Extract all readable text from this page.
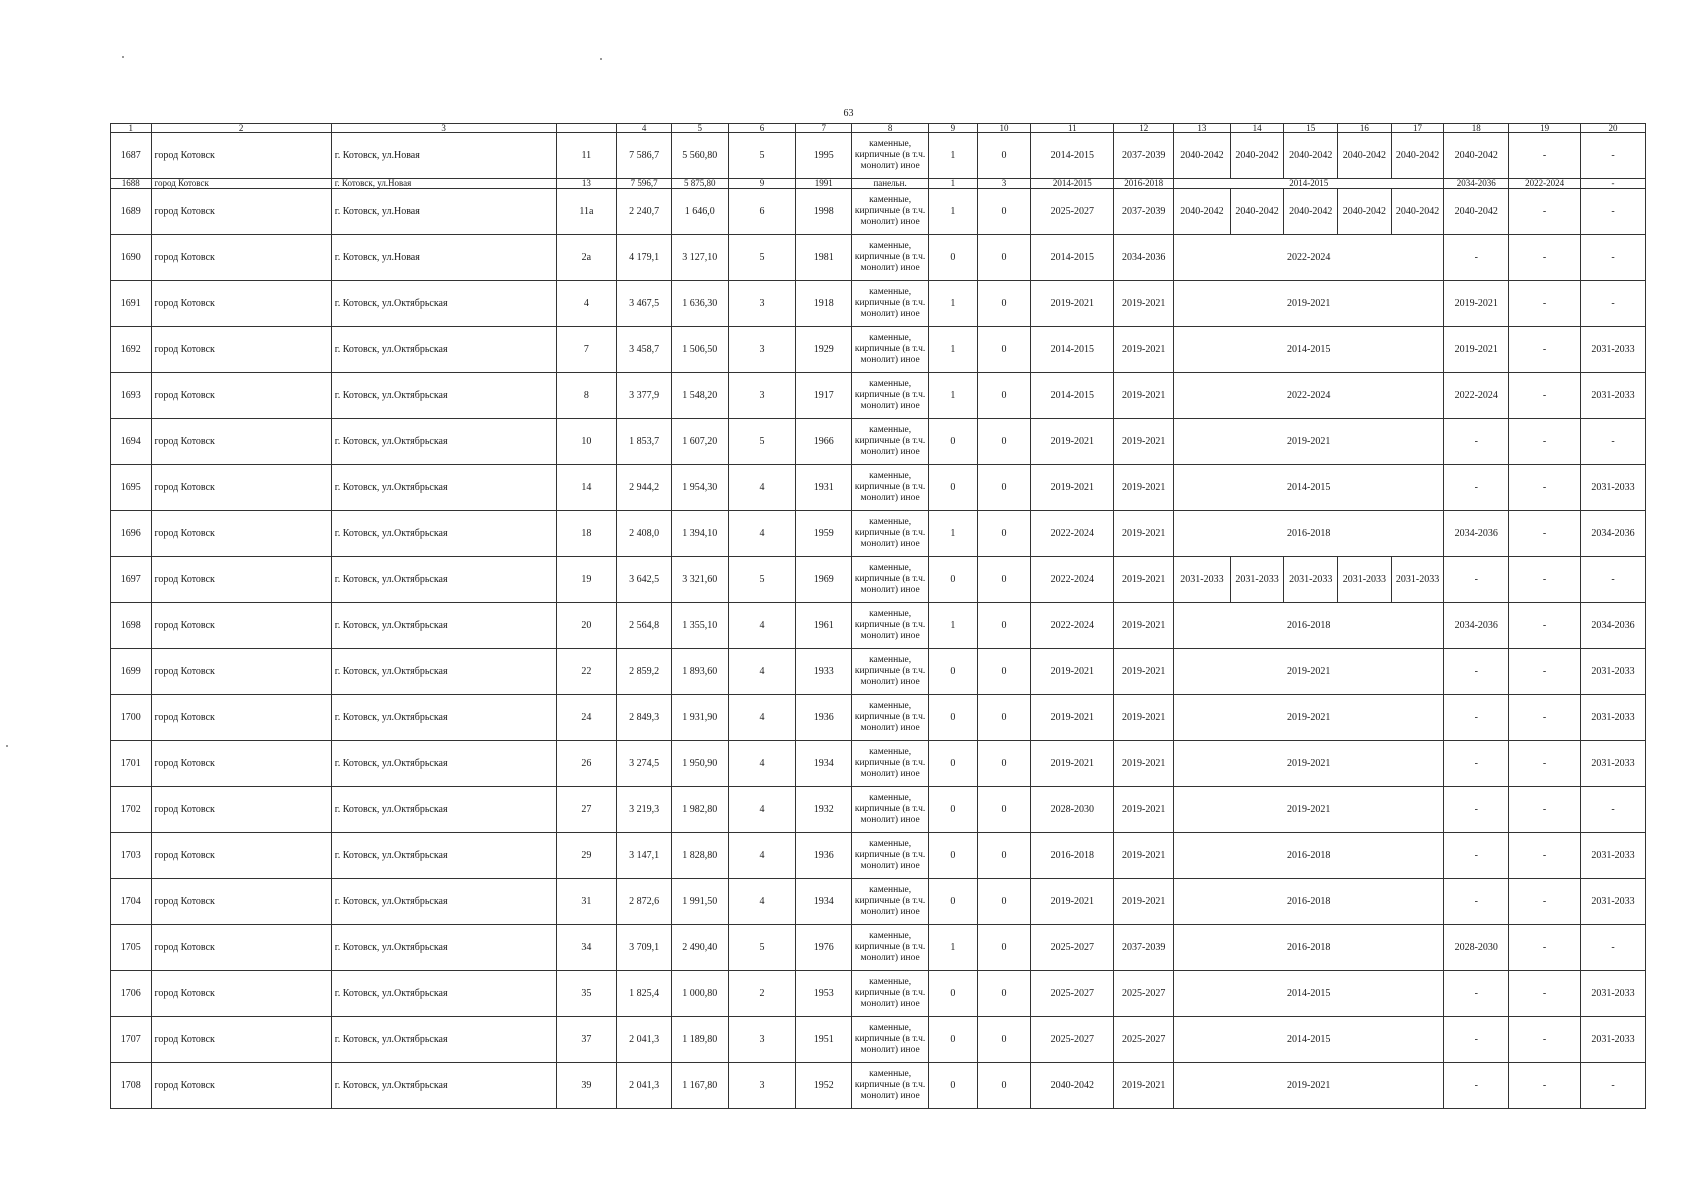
63
1	2	3		4	5	6	7	8	9	10	11	12	13	14	15	16	17	18	19	20
1687	город Котовск	г. Котовск, ул.Новая	11	7 586,7	5 560,80	5	1995	каменные, кирпичные (в т.ч. монолит) иное	1	0	2014-2015	2037-2039	2040-2042	2040-2042	2040-2042	2040-2042	2040-2042	2040-2042	-	-
1688	город Котовск	г. Котовск, ул.Новая	13	7 596,7	5 875,80	9	1991	панельн.	1	3	2014-2015	2016-2018	2014-2015					2034-2036	2022-2024	-
1689	город Котовск	г. Котовск, ул.Новая	11а	2 240,7	1 646,0	6	1998	каменные, кирпичные (в т.ч. монолит) иное	1	0	2025-2027	2037-2039	2040-2042	2040-2042	2040-2042	2040-2042	2040-2042	2040-2042	-	-
1690	город Котовск	г. Котовск, ул.Новая	2а	4 179,1	3 127,10	5	1981	каменные, кирпичные (в т.ч. монолит) иное	0	0	2014-2015	2034-2036	2022-2024					-	-	-
1691	город Котовск	г. Котовск, ул.Октябрьская	4	3 467,5	1 636,30	3	1918	каменные, кирпичные (в т.ч. монолит) иное	1	0	2019-2021	2019-2021	2019-2021					2019-2021	-	-
1692	город Котовск	г. Котовск, ул.Октябрьская	7	3 458,7	1 506,50	3	1929	каменные, кирпичные (в т.ч. монолит) иное	1	0	2014-2015	2019-2021	2014-2015					2019-2021	-	2031-2033
1693	город Котовск	г. Котовск, ул.Октябрьская	8	3 377,9	1 548,20	3	1917	каменные, кирпичные (в т.ч. монолит) иное	1	0	2014-2015	2019-2021	2022-2024					2022-2024	-	2031-2033
1694	город Котовск	г. Котовск, ул.Октябрьская	10	1 853,7	1 607,20	5	1966	каменные, кирпичные (в т.ч. монолит) иное	0	0	2019-2021	2019-2021	2019-2021					-	-	-
1695	город Котовск	г. Котовск, ул.Октябрьская	14	2 944,2	1 954,30	4	1931	каменные, кирпичные (в т.ч. монолит) иное	0	0	2019-2021	2019-2021	2014-2015					-	-	2031-2033
1696	город Котовск	г. Котовск, ул.Октябрьская	18	2 408,0	1 394,10	4	1959	каменные, кирпичные (в т.ч. монолит) иное	1	0	2022-2024	2019-2021	2016-2018					2034-2036	-	2034-2036
1697	город Котовск	г. Котовск, ул.Октябрьская	19	3 642,5	3 321,60	5	1969	каменные, кирпичные (в т.ч. монолит) иное	0	0	2022-2024	2019-2021	2031-2033	2031-2033	2031-2033	2031-2033	2031-2033	-	-	-
1698	город Котовск	г. Котовск, ул.Октябрьская	20	2 564,8	1 355,10	4	1961	каменные, кирпичные (в т.ч. монолит) иное	1	0	2022-2024	2019-2021	2016-2018					2034-2036	-	2034-2036
1699	город Котовск	г. Котовск, ул.Октябрьская	22	2 859,2	1 893,60	4	1933	каменные, кирпичные (в т.ч. монолит) иное	0	0	2019-2021	2019-2021	2019-2021					-	-	2031-2033
1700	город Котовск	г. Котовск, ул.Октябрьская	24	2 849,3	1 931,90	4	1936	каменные, кирпичные (в т.ч. монолит) иное	0	0	2019-2021	2019-2021	2019-2021					-	-	2031-2033
1701	город Котовск	г. Котовск, ул.Октябрьская	26	3 274,5	1 950,90	4	1934	каменные, кирпичные (в т.ч. монолит) иное	0	0	2019-2021	2019-2021	2019-2021					-	-	2031-2033
1702	город Котовск	г. Котовск, ул.Октябрьская	27	3 219,3	1 982,80	4	1932	каменные, кирпичные (в т.ч. монолит) иное	0	0	2028-2030	2019-2021	2019-2021					-	-	-
1703	город Котовск	г. Котовск, ул.Октябрьская	29	3 147,1	1 828,80	4	1936	каменные, кирпичные (в т.ч. монолит) иное	0	0	2016-2018	2019-2021	2016-2018					-	-	2031-2033
1704	город Котовск	г. Котовск, ул.Октябрьская	31	2 872,6	1 991,50	4	1934	каменные, кирпичные (в т.ч. монолит) иное	0	0	2019-2021	2019-2021	2016-2018					-	-	2031-2033
1705	город Котовск	г. Котовск, ул.Октябрьская	34	3 709,1	2 490,40	5	1976	каменные, кирпичные (в т.ч. монолит) иное	1	0	2025-2027	2037-2039	2016-2018					2028-2030	-	-
1706	город Котовск	г. Котовск, ул.Октябрьская	35	1 825,4	1 000,80	2	1953	каменные, кирпичные (в т.ч. монолит) иное	0	0	2025-2027	2025-2027	2014-2015					-	-	2031-2033
1707	город Котовск	г. Котовск, ул.Октябрьская	37	2 041,3	1 189,80	3	1951	каменные, кирпичные (в т.ч. монолит) иное	0	0	2025-2027	2025-2027	2014-2015					-	-	2031-2033
1708	город Котовск	г. Котовск, ул.Октябрьская	39	2 041,3	1 167,80	3	1952	каменные, кирпичные (в т.ч. монолит) иное	0	0	2040-2042	2019-2021	2019-2021					-	-	-
